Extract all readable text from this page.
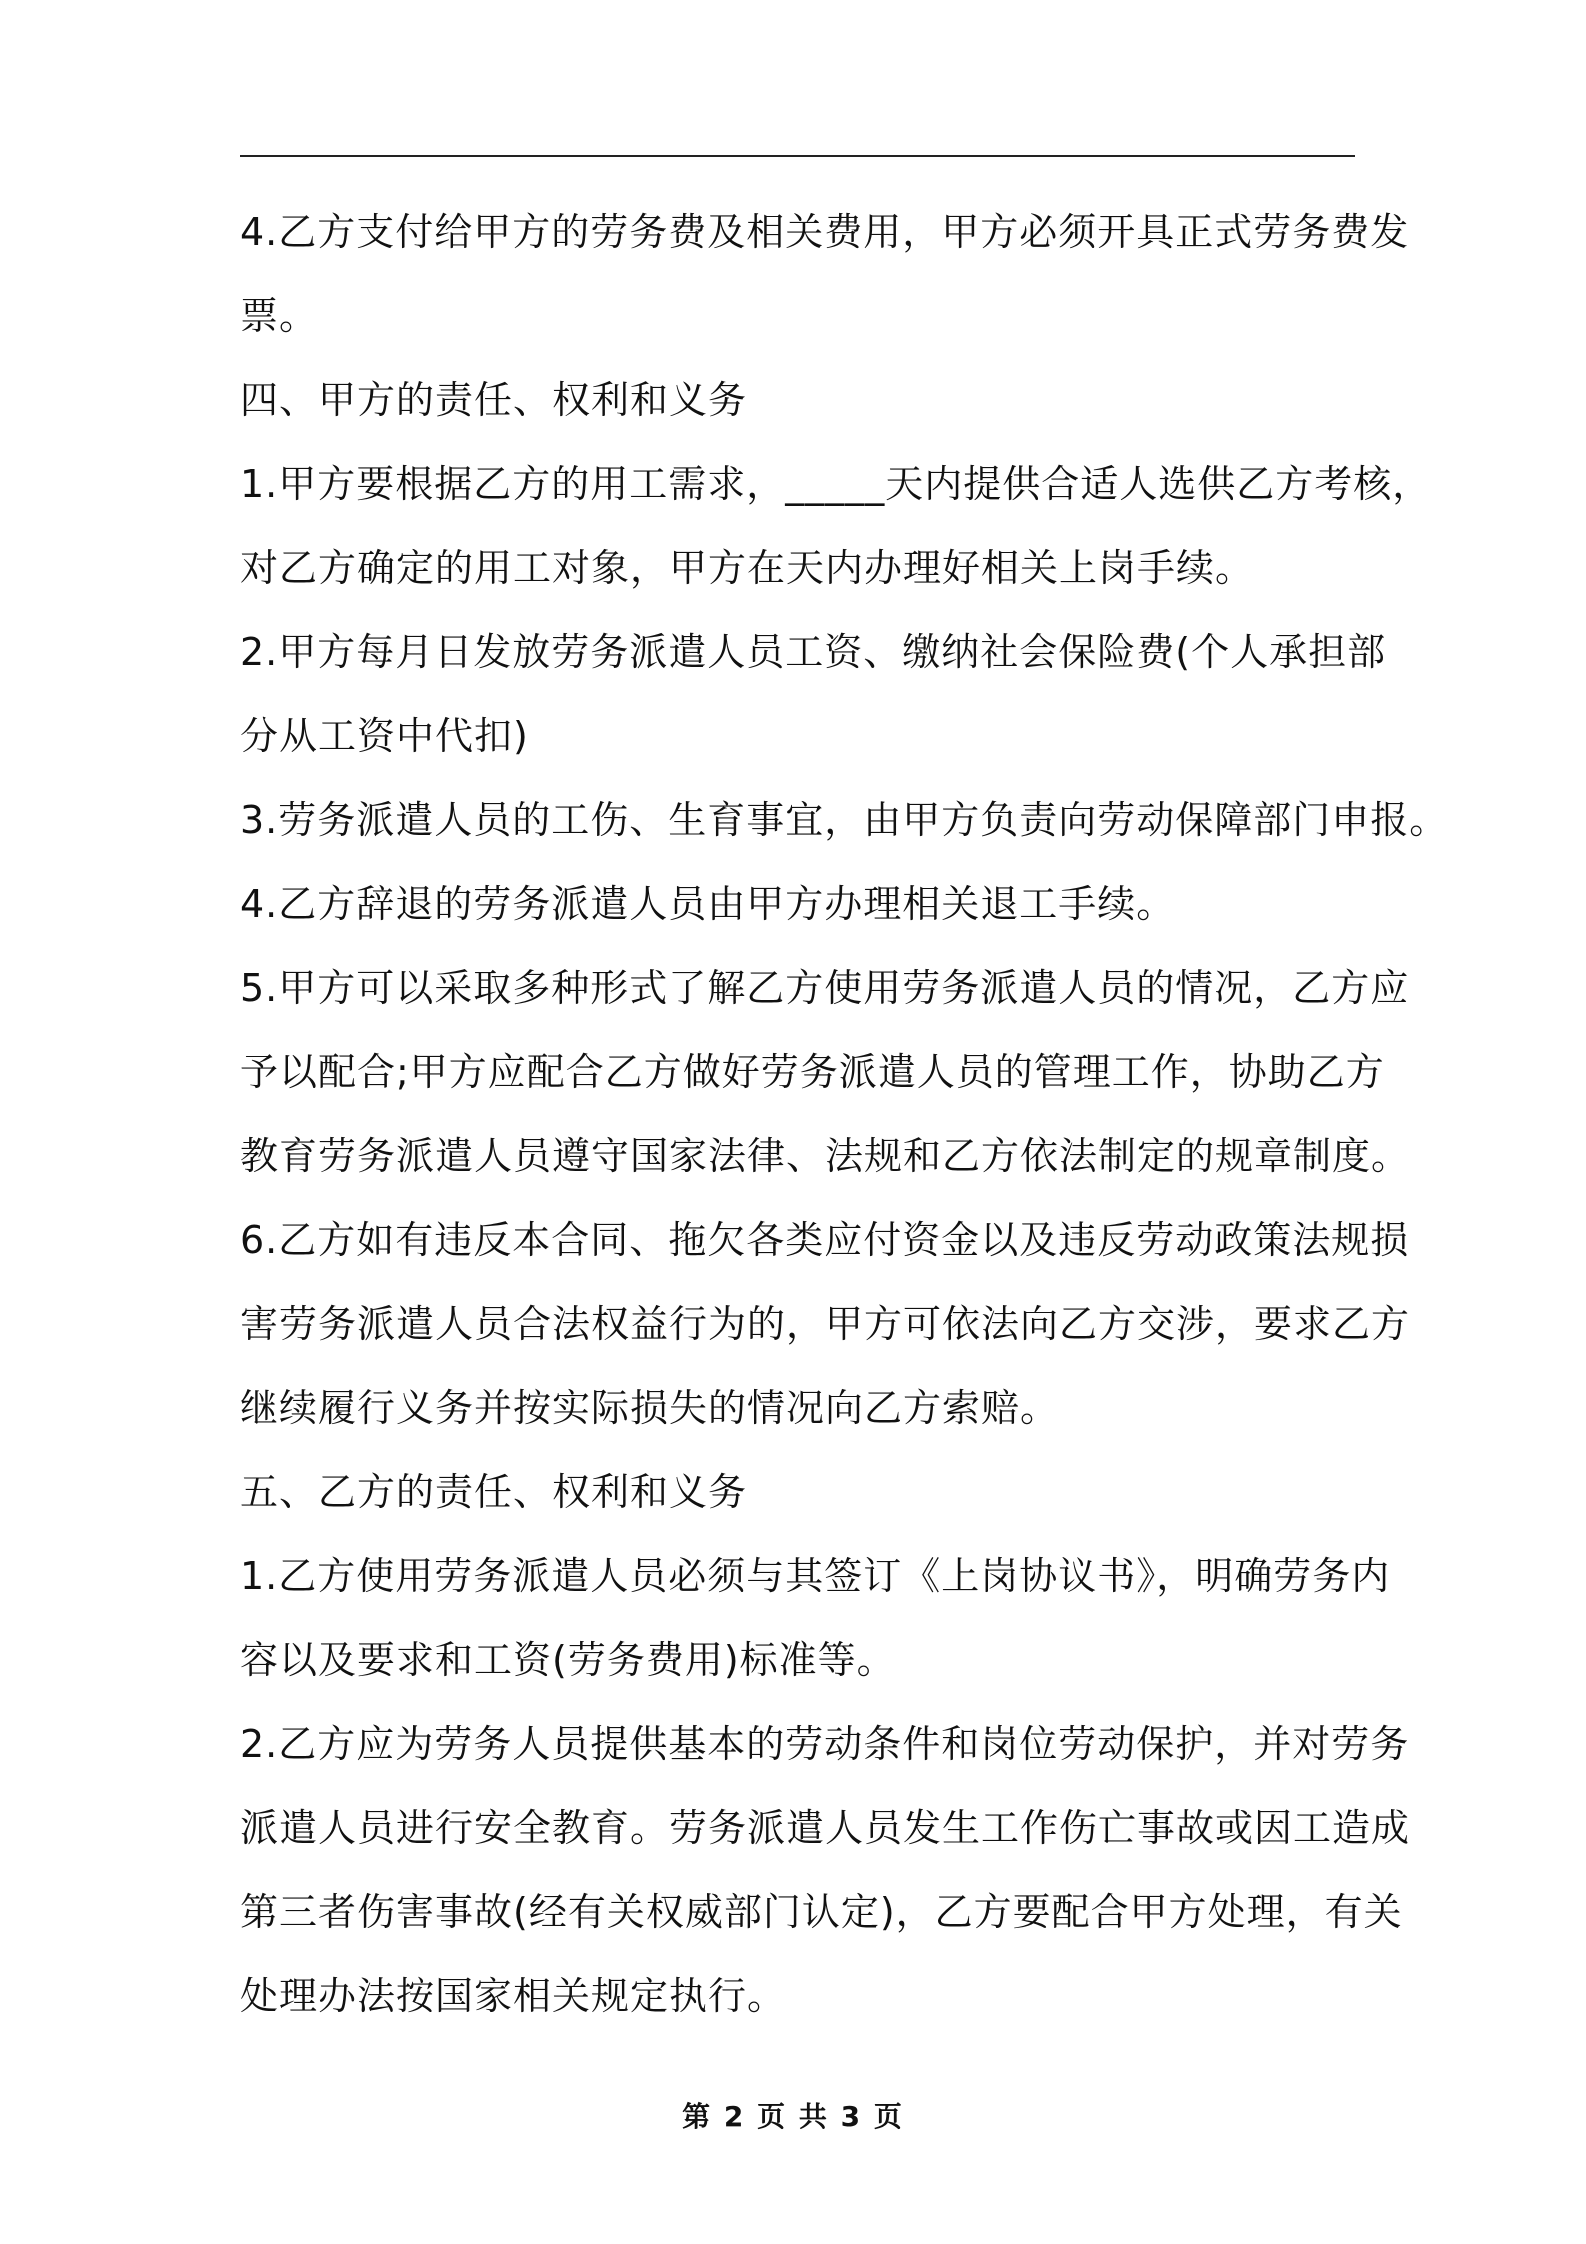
4.乙方支付给甲方的劳务费及相关费用，甲方必须开具正式劳务费发
票。
四、甲方的责任、权利和义务
1.甲方要根据乙方的用工需求，_____天内提供合适人选供乙方考核，
对乙方确定的用工对象，甲方在天内办理好相关上岗手续。
2.甲方每月日发放劳务派遣人员工资、缴纳社会保险费(个人承担部
分从工资中代扣)
3.劳务派遣人员的工伤、生育事宜，由甲方负责向劳动保障部门申报。
4.乙方辞退的劳务派遣人员由甲方办理相关退工手续。
5.甲方可以采取多种形式了解乙方使用劳务派遣人员的情况，乙方应
予以配合;甲方应配合乙方做好劳务派遣人员的管理工作，协助乙方
教育劳务派遣人员遵守国家法律、法规和乙方依法制定的规章制度。
6.乙方如有违反本合同、拖欠各类应付资金以及违反劳动政策法规损
害劳务派遣人员合法权益行为的，甲方可依法向乙方交涉，要求乙方
继续履行义务并按实际损失的情况向乙方索赔。
五、乙方的责任、权利和义务
1.乙方使用劳务派遣人员必须与其签订《上岗协议书》，明确劳务内
容以及要求和工资(劳务费用)标准等。
2.乙方应为劳务人员提供基本的劳动条件和岗位劳动保护，并对劳务
派遣人员进行安全教育。劳务派遣人员发生工作伤亡事故或因工造成
第三者伤害事故(经有关权威部门认定)，乙方要配合甲方处理，有关
处理办法按国家相关规定执行。
第 2 页 共 3 页
